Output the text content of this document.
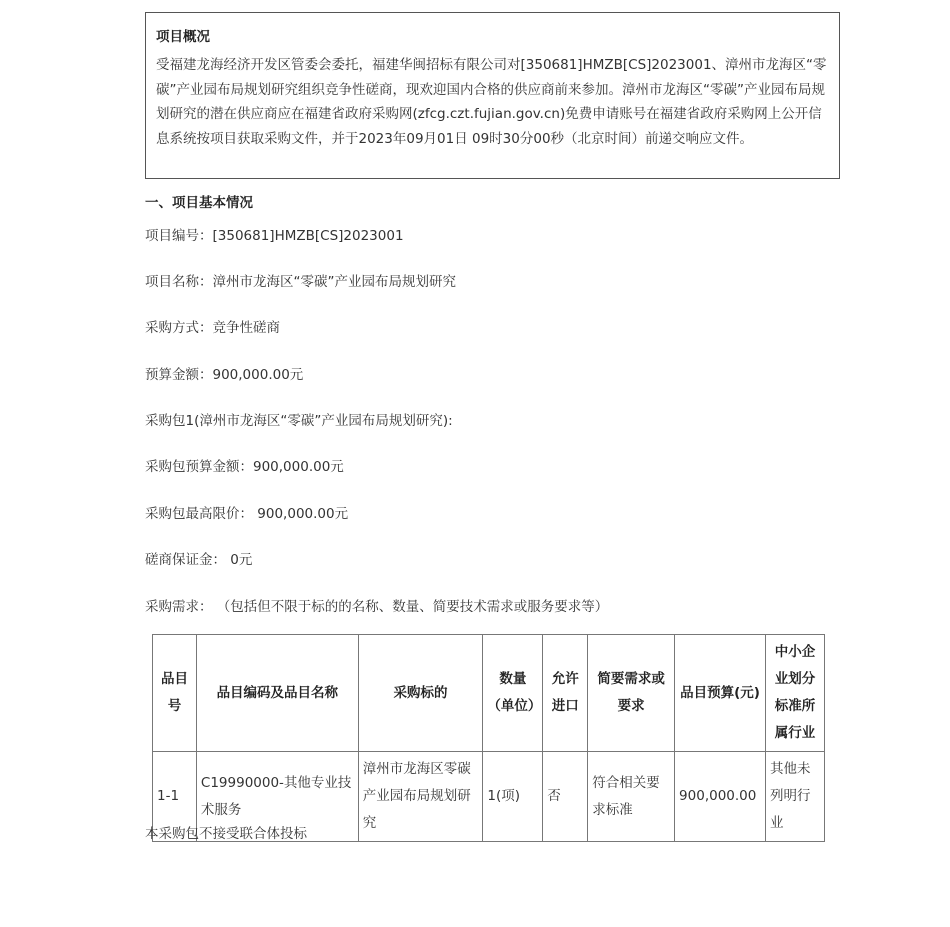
项目概况

受福建龙海经济开发区管委会委托，福建华闽招标有限公司对[350681]HMZB[CS]2023001、漳州市龙海区“零碳”产业园布局规划研究组织竞争性磋商，现欢迎国内合格的供应商前来参加。漳州市龙海区“零碳”产业园布局规划研究的潜在供应商应在福建省政府采购网(zfcg.czt.fujian.gov.cn)免费申请账号在福建省政府采购网上公开信息系统按项目获取采购文件，并于2023年09月01日 09时30分00秒（北京时间）前递交响应文件。

一、项目基本情况

项目编号：[350681]HMZB[CS]2023001

项目名称：漳州市龙海区“零碳”产业园布局规划研究

采购方式：竞争性磋商

预算金额：900,000.00元

采购包1(漳州市龙海区“零碳”产业园布局规划研究):

采购包预算金额：900,000.00元

采购包最高限价： 900,000.00元

磋商保证金： 0元

采购需求： （包括但不限于标的的名称、数量、简要技术需求或服务要求等）

品目号	品目编码及品目名称	采购标的	数量（单位）	允许进口	简要需求或要求	品目预算(元)	中小企业划分标准所属行业
1-1	C19990000-其他专业技术服务	漳州市龙海区零碳产业园布局规划研究	1(项)	否	符合相关要求标准	900,000.00	其他未列明行业

本采购包不接受联合体投标
